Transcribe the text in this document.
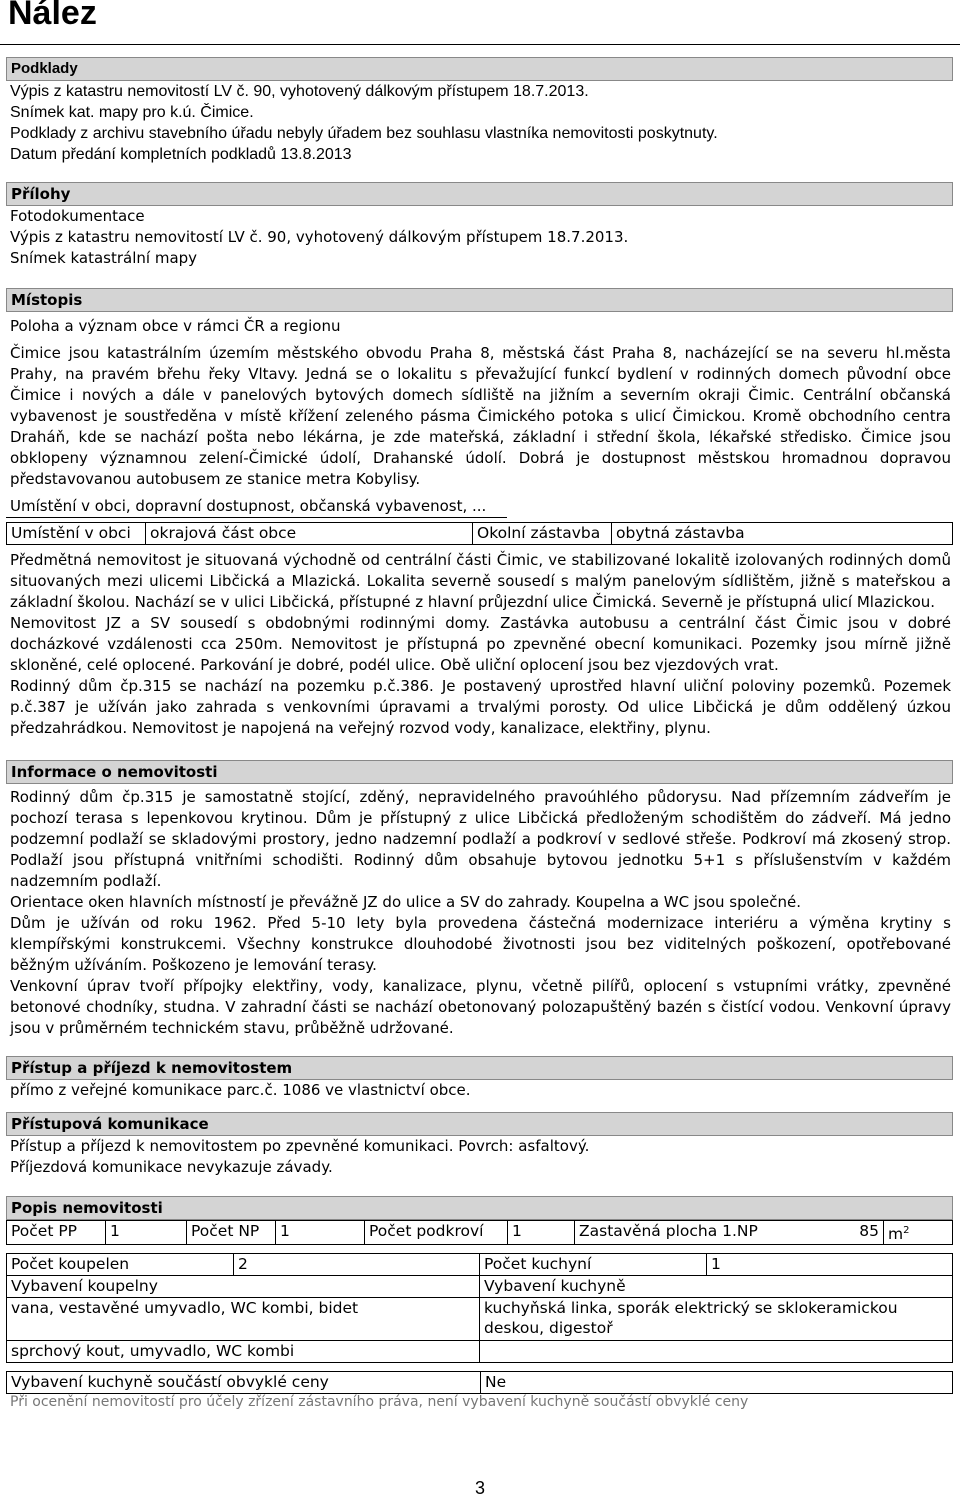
Nález
Podklady
Výpis z katastru nemovitostí LV č. 90, vyhotovený dálkovým přístupem 18.7.2013.
Snímek kat. mapy pro k.ú. Čimice.
Podklady z archivu stavebního úřadu nebyly úřadem bez souhlasu vlastníka nemovitosti poskytnuty.
Datum předání kompletních podkladů 13.8.2013
Přílohy
Fotodokumentace
Výpis z katastru nemovitostí LV č. 90, vyhotovený dálkovým přístupem 18.7.2013.
Snímek katastrální mapy
Místopis
Poloha a význam obce v rámci ČR a regionu
Čimice jsou katastrálním územím městského obvodu Praha 8, městská část Praha 8, nacházející se na severu hl.města Prahy, na pravém břehu řeky Vltavy. Jedná se o lokalitu s převažující funkcí bydlení v rodinných domech původní obce Čimice i nových a dále v panelových bytových domech sídliště na jižním a severním okraji Čimic. Centrální občanská vybavenost je soustředěna v místě křížení zeleného pásma Čimického potoka s ulicí Čimickou. Kromě obchodního centra Draháň, kde se nachází pošta nebo lékárna, je zde mateřská, základní i střední škola, lékařské středisko. Čimice jsou obklopeny významnou zelení-Čimické údolí, Drahanské údolí. Dobrá je dostupnost městskou hromadnou dopravou představovanou autobusem ze stanice metra Kobylisy.
Umístění v obci, dopravní dostupnost, občanská vybavenost, ...
Umístění v obci	okrajová část obce	Okolní zástavba	obytná zástavba

Předmětná nemovitost je situovaná východně od centrální části Čimic, ve stabilizované lokalitě izolovaných rodinných domů situovaných mezi ulicemi Libčická a Mlazická. Lokalita severně sousedí s malým panelovým sídlištěm, jižně s mateřskou a základní školou. Nachází se v ulici Libčická, přístupné z hlavní průjezdní ulice Čimická. Severně je přístupná ulicí Mlazickou.

Nemovitost JZ a SV sousedí s obdobnými rodinnými domy. Zastávka autobusu a centrální část Čimic jsou v dobré docházkové vzdálenosti cca 250m. Nemovitost je přístupná po zpevněné obecní komunikaci. Pozemky jsou mírně jižně skloněné, celé oplocené. Parkování je dobré, podél ulice. Obě uliční oplocení jsou bez vjezdových vrat.

Rodinný dům čp.315 se nachází na pozemku p.č.386. Je postavený uprostřed hlavní uliční poloviny pozemků. Pozemek p.č.387 je užíván jako zahrada s venkovními úpravami a trvalými porosty. Od ulice Libčická je dům oddělený úzkou předzahrádkou. Nemovitost je napojená na veřejný rozvod vody, kanalizace, elektřiny, plynu.

Informace o nemovitosti

Rodinný dům čp.315 je samostatně stojící, zděný, nepravidelného pravoúhlého půdorysu. Nad přízemním zádveřím je pochozí terasa s lepenkovou krytinou. Dům je přístupný z ulice Libčická předloženým schodištěm do zádveří. Má jedno podzemní podlaží se skladovými prostory, jedno nadzemní podlaží a podkroví v sedlové střeše. Podkroví má zkosený strop. Podlaží jsou přístupná vnitřními schodišti. Rodinný dům obsahuje bytovou jednotku 5+1 s příslušenstvím v každém nadzemním podlaží.

Orientace oken hlavních místností je převážně JZ do ulice a SV do zahrady. Koupelna a WC jsou společné.

Dům je užíván od roku 1962. Před 5-10 lety byla provedena částečná modernizace interiéru a výměna krytiny s klempířskými konstrukcemi. Všechny konstrukce dlouhodobé životnosti jsou bez viditelných poškození, opotřebované běžným užíváním. Poškozeno je lemování terasy.

Venkovní úprav tvoří přípojky elektřiny, vody, kanalizace, plynu, včetně pilířů, oplocení s vstupními vrátky, zpevněné betonové chodníky, studna. V zahradní části se nachází obetonovaný polozapuštěný bazén s čistící vodou. Venkovní úpravy jsou v průměrném technickém stavu, průběžně udržované.

Přístup a příjezd k nemovitostem
přímo z veřejné komunikace parc.č. 1086 ve vlastnictví obce.
Přístupová komunikace
Přístup a příjezd k nemovitostem po zpevněné komunikaci. Povrch: asfaltový.
Příjezdová komunikace nevykazuje závady.
Popis nemovitosti
Počet PP	1	Počet NP	1	Počet podkroví	1	Zastavěná plocha 1.NP	85	$m^2$
Počet koupelen	2	Počet kuchyní	1
Vybavení koupelny		Vybavení kuchyně	
vana, vestavěné umyvadlo, WC kombi, bidet		kuchyňská linka, sporák elektrický se sklokeramickou deskou, digestoř	
sprchový kout, umyvadlo, WC kombi			
Vybavení kuchyně součástí obvyklé ceny	Ne
Při ocenění nemovitostí pro účely zřízení zástavního práva, není vybavení kuchyně součástí obvyklé ceny
3
